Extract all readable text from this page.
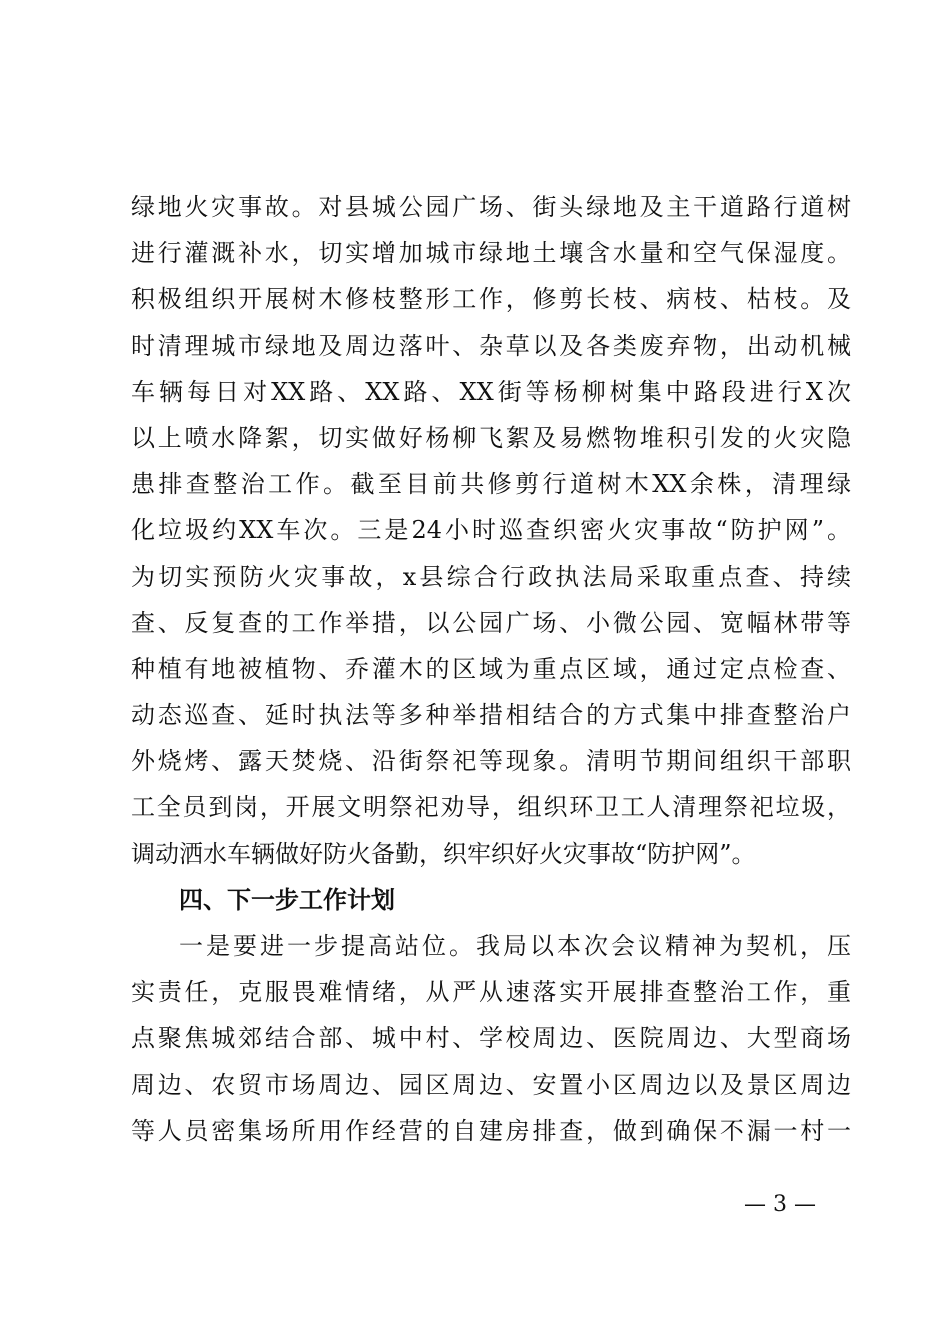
绿地火灾事故。对县城公园广场、街头绿地及主干道路行道树
进行灌溉补水，切实增加城市绿地土壤含水量和空气保湿度。
积极组织开展树木修枝整形工作，修剪长枝、病枝、枯枝。及
时清理城市绿地及周边落叶、杂草以及各类废弃物，出动机械
车辆每日对XX路、XX路、XX街等杨柳树集中路段进行X次
以上喷水降絮，切实做好杨柳飞絮及易燃物堆积引发的火灾隐
患排查整治工作。截至目前共修剪行道树木XX余株，清理绿
化垃圾约XX车次。三是24小时巡查织密火灾事故“防护网”。
为切实预防火灾事故，x县综合行政执法局采取重点查、持续
查、反复查的工作举措，以公园广场、小微公园、宽幅林带等
种植有地被植物、乔灌木的区域为重点区域，通过定点检查、
动态巡查、延时执法等多种举措相结合的方式集中排查整治户
外烧烤、露天焚烧、沿街祭祀等现象。清明节期间组织干部职
工全员到岗，开展文明祭祀劝导，组织环卫工人清理祭祀垃圾，
调动洒水车辆做好防火备勤，织牢织好火灾事故“防护网”。
四、下一步工作计划
一是要进一步提高站位。我局以本次会议精神为契机，压
实责任，克服畏难情绪，从严从速落实开展排查整治工作，重
点聚焦城郊结合部、城中村、学校周边、医院周边、大型商场
周边、农贸市场周边、园区周边、安置小区周边以及景区周边
等人员密集场所用作经营的自建房排查，做到确保不漏一村一
— 3 —
